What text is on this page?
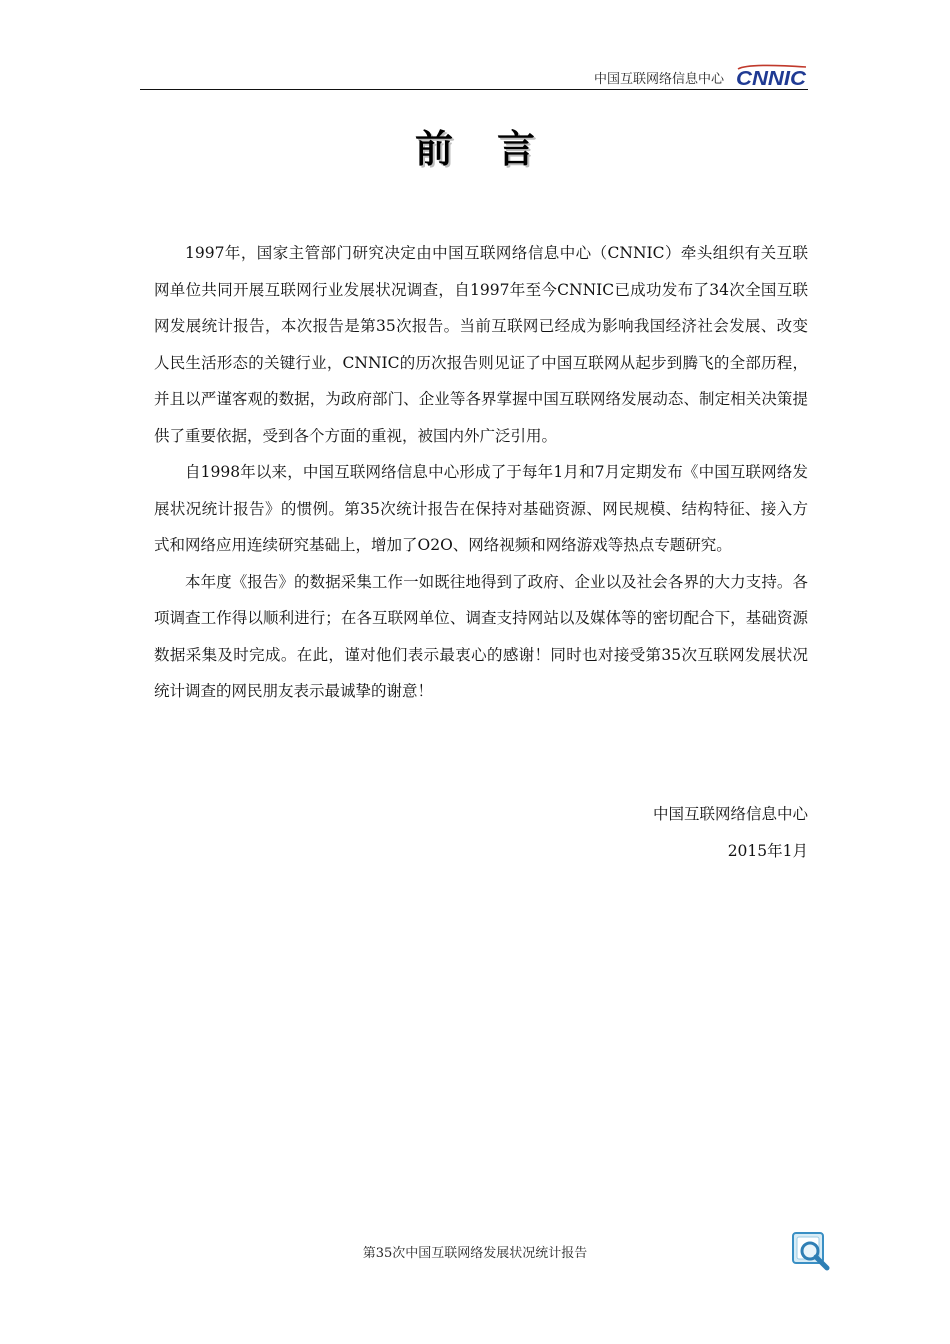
中国互联网络信息中心 CNNIC
前言

1997年，国家主管部门研究决定由中国互联网络信息中心（CNNIC）牵头组织有关互联网单位共同开展互联网行业发展状况调查，自1997年至今CNNIC已成功发布了34次全国互联网发展统计报告，本次报告是第35次报告。当前互联网已经成为影响我国经济社会发展、改变人民生活形态的关键行业，CNNIC的历次报告则见证了中国互联网从起步到腾飞的全部历程，并且以严谨客观的数据，为政府部门、企业等各界掌握中国互联网络发展动态、制定相关决策提供了重要依据，受到各个方面的重视，被国内外广泛引用。

自1998年以来，中国互联网络信息中心形成了于每年1月和7月定期发布《中国互联网络发展状况统计报告》的惯例。第35次统计报告在保持对基础资源、网民规模、结构特征、接入方式和网络应用连续研究基础上，增加了O2O、网络视频和网络游戏等热点专题研究。

本年度《报告》的数据采集工作一如既往地得到了政府、企业以及社会各界的大力支持。各项调查工作得以顺利进行；在各互联网单位、调查支持网站以及媒体等的密切配合下，基础资源数据采集及时完成。在此，谨对他们表示最衷心的感谢！同时也对接受第35次互联网发展状况统计调查的网民朋友表示最诚挚的谢意！

中国互联网络信息中心
2015年1月
第35次中国互联网络发展状况统计报告
